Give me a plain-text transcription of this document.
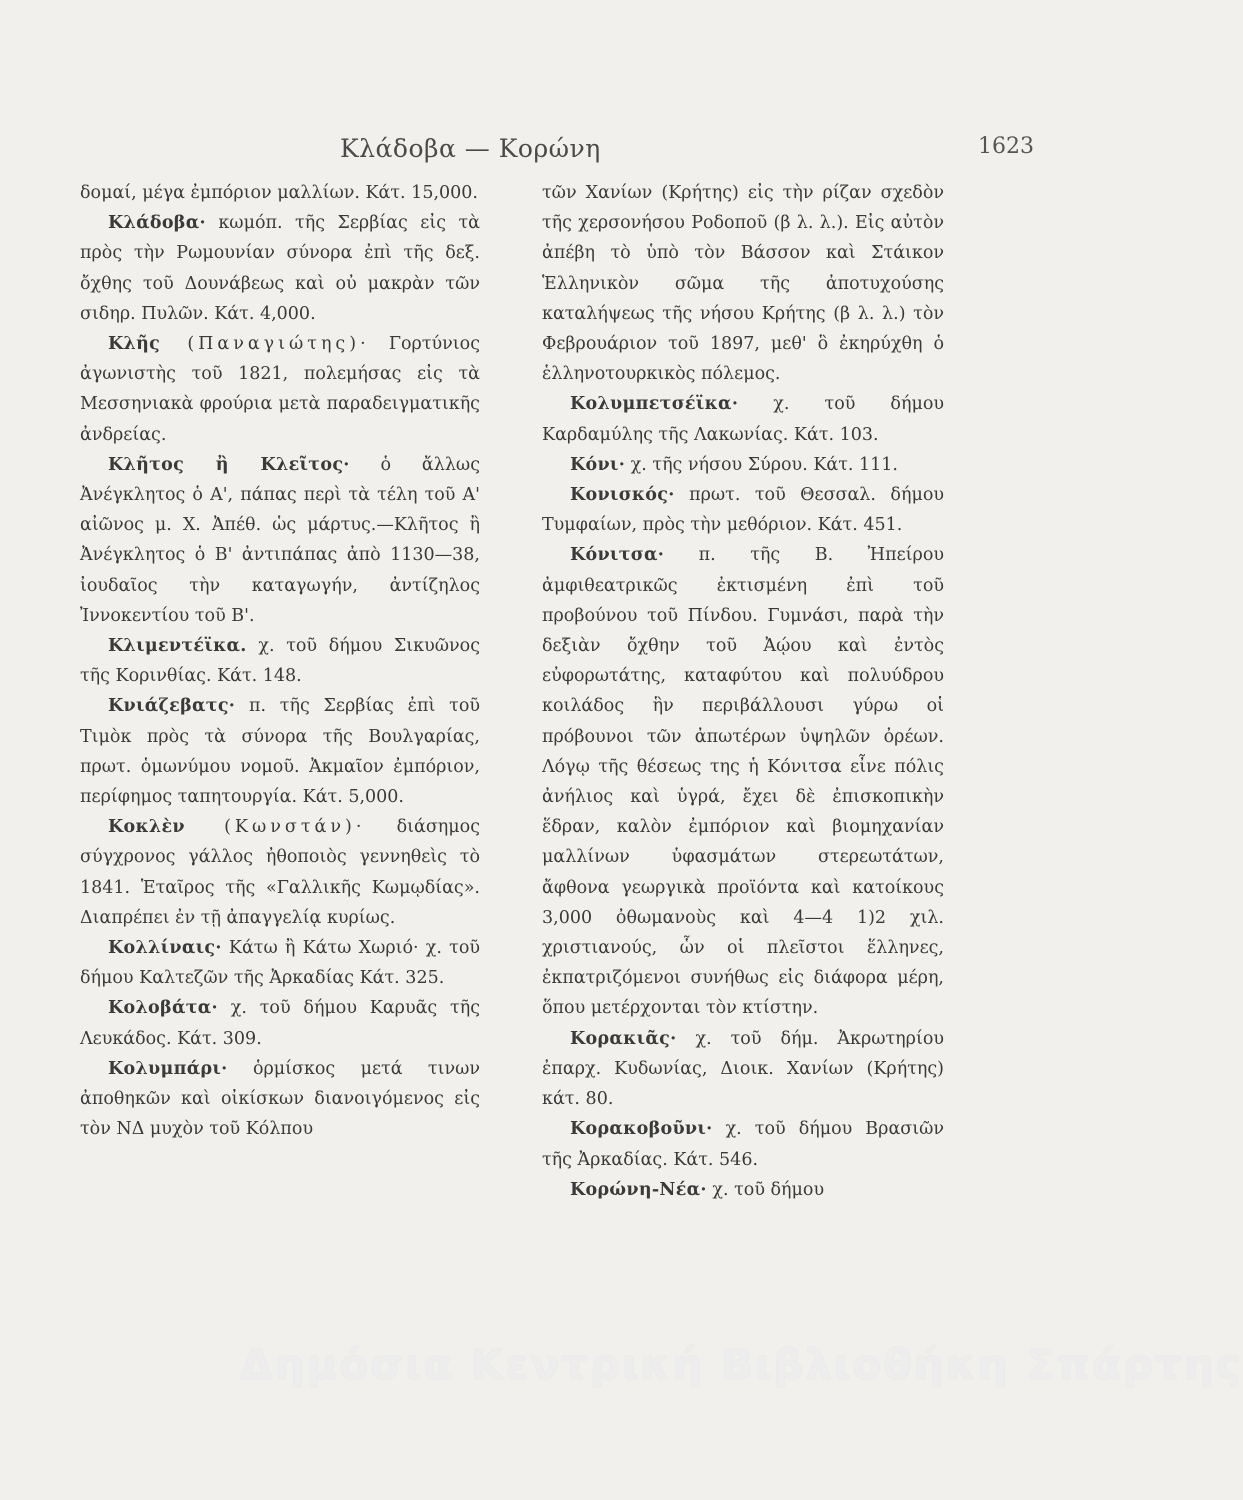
Κλάδοβα — Κορώνη	1623

δομαί, μέγα ἐμπόριον μαλλίων. Κάτ. 15,000.

Κλάδοβα· κωμόπ. τῆς Σερβίας εἰς τὰ πρὸς τὴν Ρωμουνίαν σύνορα ἐπὶ τῆς δεξ. ὄχθης τοῦ Δουνάβεως καὶ οὐ μακρὰν τῶν σιδηρ. Πυλῶν. Κάτ. 4,000.

Κλῆς (Παναγιώτης)· Γορτύνιος ἀγωνιστὴς τοῦ 1821, πολεμήσας εἰς τὰ Μεσσηνιακὰ φρούρια μετὰ παραδειγματικῆς ἀνδρείας.

Κλῆτος ἢ Κλεῖτος· ὁ ἄλλως Ἀνέγκλητος ὁ Α', πάπας περὶ τὰ τέλη τοῦ Α' αἰῶνος μ. Χ. Ἀπέθ. ὡς μάρτυς.—Κλῆτος ἢ Ἀνέγκλητος ὁ Β' ἀντιπάπας ἀπὸ 1130—38, ἰουδαῖος τὴν καταγωγήν, ἀντίζηλος Ἰννοκεντίου τοῦ Β'.

Κλιμεντέϊκα. χ. τοῦ δήμου Σικυῶνος τῆς Κορινθίας. Κάτ. 148.

Κνιάζεβατς· π. τῆς Σερβίας ἐπὶ τοῦ Τιμὸκ πρὸς τὰ σύνορα τῆς Βουλγαρίας, πρωτ. ὁμωνύμου νομοῦ. Ἀκμαῖον ἐμπόριον, περίφημος ταπητουργία. Κάτ. 5,000.

Κοκλὲν (Κωνστάν)· διάσημος σύγχρονος γάλλος ἠθοποιὸς γεννηθεὶς τὸ 1841. Ἑταῖρος τῆς «Γαλλικῆς Κωμῳδίας». Διαπρέπει ἐν τῇ ἀπαγγελίᾳ κυρίως.

Κολλίναις· Κάτω ἢ Κάτω Χωριό· χ. τοῦ δήμου Καλτεζῶν τῆς Ἀρκαδίας Κάτ. 325.

Κολοβάτα· χ. τοῦ δήμου Καρυᾶς τῆς Λευκάδος. Κάτ. 309.

Κολυμπάρι· ὁρμίσκος μετά τινων ἀποθηκῶν καὶ οἰκίσκων διανοιγόμενος εἰς τὸν ΝΔ μυχὸν τοῦ Κόλπου

τῶν Χανίων (Κρήτης) εἰς τὴν ρίζαν σχεδὸν τῆς χερσονήσου Ροδοποῦ (β λ. λ.). Εἰς αὐτὸν ἀπέβη τὸ ὑπὸ τὸν Βάσσον καὶ Στάικον Ἑλληνικὸν σῶμα τῆς ἀποτυχούσης καταλήψεως τῆς νήσου Κρήτης (β λ. λ.) τὸν Φεβρουάριον τοῦ 1897, μεθ' ὃ ἐκηρύχθη ὁ ἑλληνοτουρκικὸς πόλεμος.

Κολυμπετσέϊκα· χ. τοῦ δήμου Καρδαμύλης τῆς Λακωνίας. Κάτ. 103.

Κόνι· χ. τῆς νήσου Σύρου. Κάτ. 111.

Κονισκός· πρωτ. τοῦ Θεσσαλ. δήμου Τυμφαίων, πρὸς τὴν μεθόριον. Κάτ. 451.

Κόνιτσα· π. τῆς Β. Ἠπείρου ἀμφιθεατρικῶς ἐκτισμένη ἐπὶ τοῦ προβούνου τοῦ Πίνδου. Γυμνάσι, παρὰ τὴν δεξιὰν ὄχθην τοῦ Ἀῴου καὶ ἐντὸς εὐφορωτάτης, καταφύτου καὶ πολυύδρου κοιλάδος ἣν περιβάλλουσι γύρω οἱ πρόβουνοι τῶν ἀπωτέρων ὑψηλῶν ὀρέων. Λόγῳ τῆς θέσεως της ἡ Κόνιτσα εἶνε πόλις ἀνήλιος καὶ ὑγρά, ἔχει δὲ ἐπισκοπικὴν ἕδραν, καλὸν ἐμπόριον καὶ βιομηχανίαν μαλλίνων ὑφασμάτων στερεωτάτων, ἄφθονα γεωργικὰ προϊόντα καὶ κατοίκους 3,000 ὀθωμανοὺς καὶ 4—4 1)2 χιλ. χριστιανούς, ὧν οἱ πλεῖστοι ἕλληνες, ἐκπατριζόμενοι συνήθως εἰς διάφορα μέρη, ὅπου μετέρχονται τὸν κτίστην.

Κορακιᾶς· χ. τοῦ δήμ. Ἀκρωτηρίου ἐπαρχ. Κυδωνίας, Διοικ. Χανίων (Κρήτης) κάτ. 80.

Κορακοβοῦνι· χ. τοῦ δήμου Βρασιῶν τῆς Ἀρκαδίας. Κάτ. 546.

Κορώνη-Νέα· χ. τοῦ δήμου

Δημόσια Κεντρική Βιβλιοθήκη Σπάρτης
